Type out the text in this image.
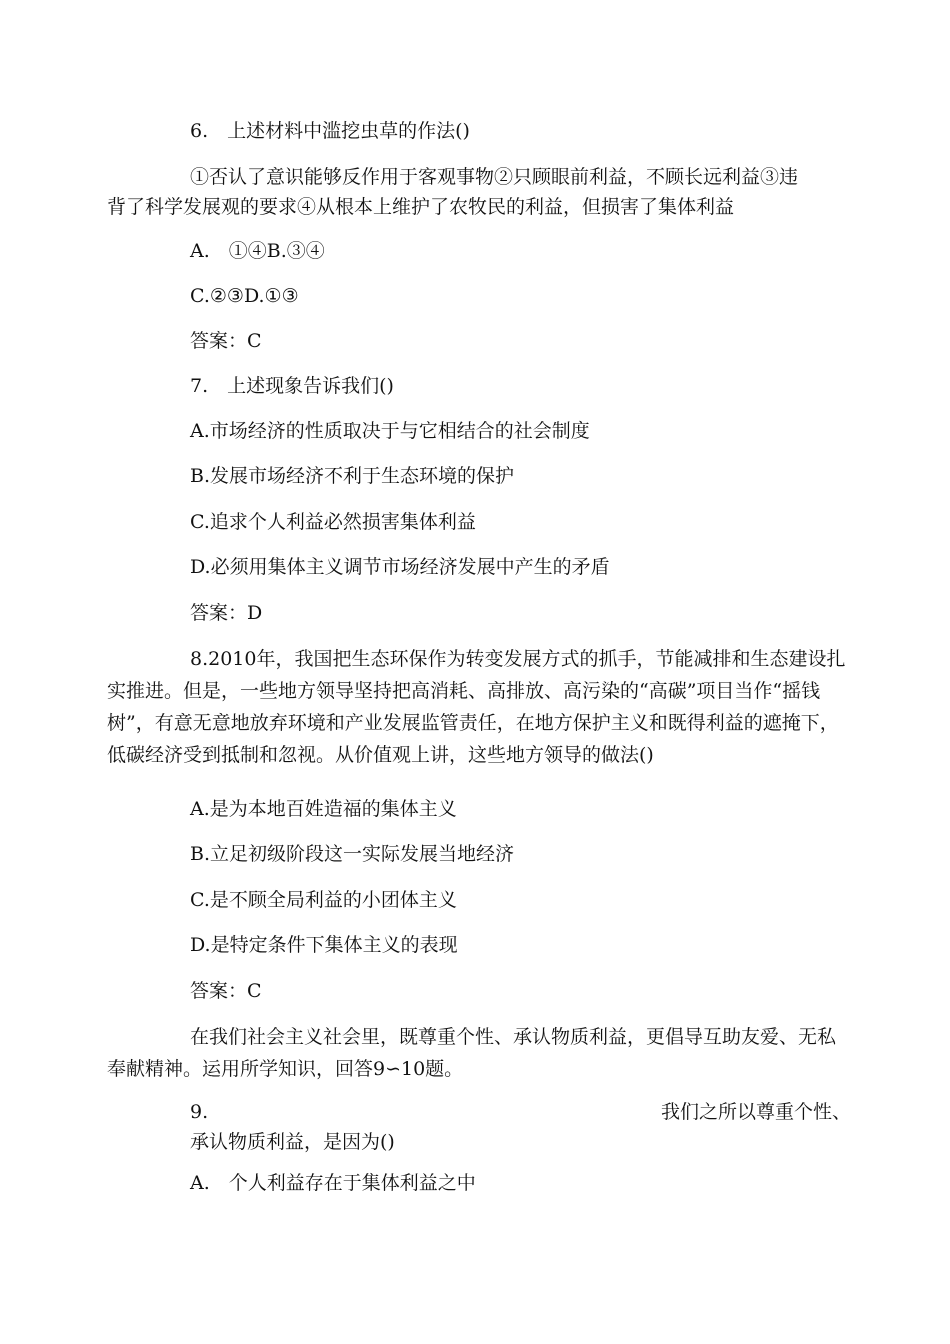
6.　上述材料中滥挖虫草的作法()
①否认了意识能够反作用于客观事物②只顾眼前利益，不顾长远利益③违
背了科学发展观的要求④从根本上维护了农牧民的利益，但损害了集体利益
A.　①④B.③④
C.②③D.①③
答案：C
7.　上述现象告诉我们()
A.市场经济的性质取决于与它相结合的社会制度
B.发展市场经济不利于生态环境的保护
C.追求个人利益必然损害集体利益
D.必须用集体主义调节市场经济发展中产生的矛盾
答案：D
8.2010年，我国把生态环保作为转变发展方式的抓手，节能减排和生态建设扎实推进。但是，一些地方领导坚持把高消耗、高排放、高污染的“高碳”项目当作“摇钱树”，有意无意地放弃环境和产业发展监管责任，在地方保护主义和既得利益的遮掩下，低碳经济受到抵制和忽视。从价值观上讲，这些地方领导的做法()
A.是为本地百姓造福的集体主义
B.立足初级阶段这一实际发展当地经济
C.是不顾全局利益的小团体主义
D.是特定条件下集体主义的表现
答案：C
在我们社会主义社会里，既尊重个性、承认物质利益，更倡导互助友爱、无私奉献精神。运用所学知识，回答9∽10题。
9.	我们之所以尊重个性、
承认物质利益，是因为()
A.　个人利益存在于集体利益之中
